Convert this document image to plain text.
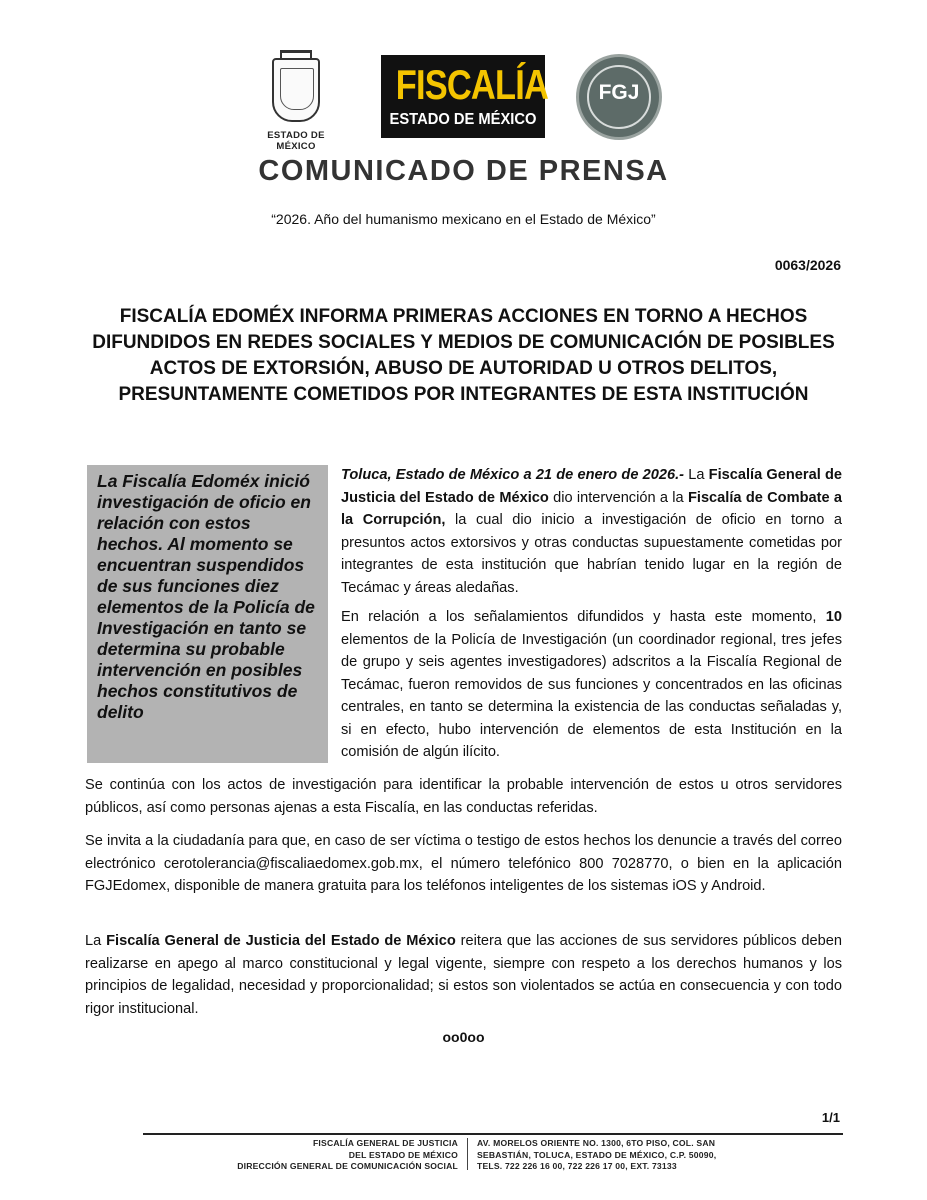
ESTADO DE MÉXICO
FISCALÍA
ESTADO DE MÉXICO
FGJ
COMUNICADO DE PRENSA
“2026. Año del humanismo mexicano en el Estado de México”
0063/2026
FISCALÍA EDOMÉX INFORMA PRIMERAS ACCIONES EN TORNO A HECHOS DIFUNDIDOS EN REDES SOCIALES Y MEDIOS DE COMUNICACIÓN DE POSIBLES ACTOS DE EXTORSIÓN, ABUSO DE AUTORIDAD U OTROS DELITOS, PRESUNTAMENTE COMETIDOS POR INTEGRANTES DE ESTA INSTITUCIÓN
La Fiscalía Edoméx inició investigación de oficio en relación con estos hechos. Al momento se encuentran suspendidos de sus funciones diez elementos de la Policía de Investigación en tanto se determina su probable intervención en posibles hechos constitutivos de delito
Toluca, Estado de México a 21 de enero de 2026.- La Fiscalía General de Justicia del Estado de México dio intervención a la Fiscalía de Combate a la Corrupción, la cual dio inicio a investigación de oficio en torno a presuntos actos extorsivos y otras conductas supuestamente cometidas por integrantes de esta institución que habrían tenido lugar en la región de Tecámac y áreas aledañas.
En relación a los señalamientos difundidos y hasta este momento, 10 elementos de la Policía de Investigación (un coordinador regional, tres jefes de grupo y seis agentes investigadores) adscritos a la Fiscalía Regional de Tecámac, fueron removidos de sus funciones y concentrados en las oficinas centrales, en tanto se determina la existencia de las conductas señaladas y, si en efecto, hubo intervención de elementos de esta Institución en la comisión de algún ilícito.
Se continúa con los actos de investigación para identificar la probable intervención de estos u otros servidores públicos, así como personas ajenas a esta Fiscalía, en las conductas referidas.
Se invita a la ciudadanía para que, en caso de ser víctima o testigo de estos hechos los denuncie a través del correo electrónico cerotolerancia@fiscaliaedomex.gob.mx, el número telefónico 800 7028770, o bien en la aplicación FGJEdomex, disponible de manera gratuita para los teléfonos inteligentes de los sistemas iOS y Android.
La Fiscalía General de Justicia del Estado de México reitera que las acciones de sus servidores públicos deben realizarse en apego al marco constitucional y legal vigente, siempre con respeto a los derechos humanos y los principios de legalidad, necesidad y proporcionalidad; si estos son violentados se actúa en consecuencia y con todo rigor institucional.
oo0oo
1/1
FISCALÍA GENERAL DE JUSTICIA
DEL ESTADO DE MÉXICO
DIRECCIÓN GENERAL DE COMUNICACIÓN SOCIAL
AV. MORELOS ORIENTE NO. 1300, 6TO PISO, COL. SAN
SEBASTIÁN, TOLUCA, ESTADO DE MÉXICO, C.P. 50090,
TELS. 722 226 16 00, 722 226 17 00, EXT. 73133
